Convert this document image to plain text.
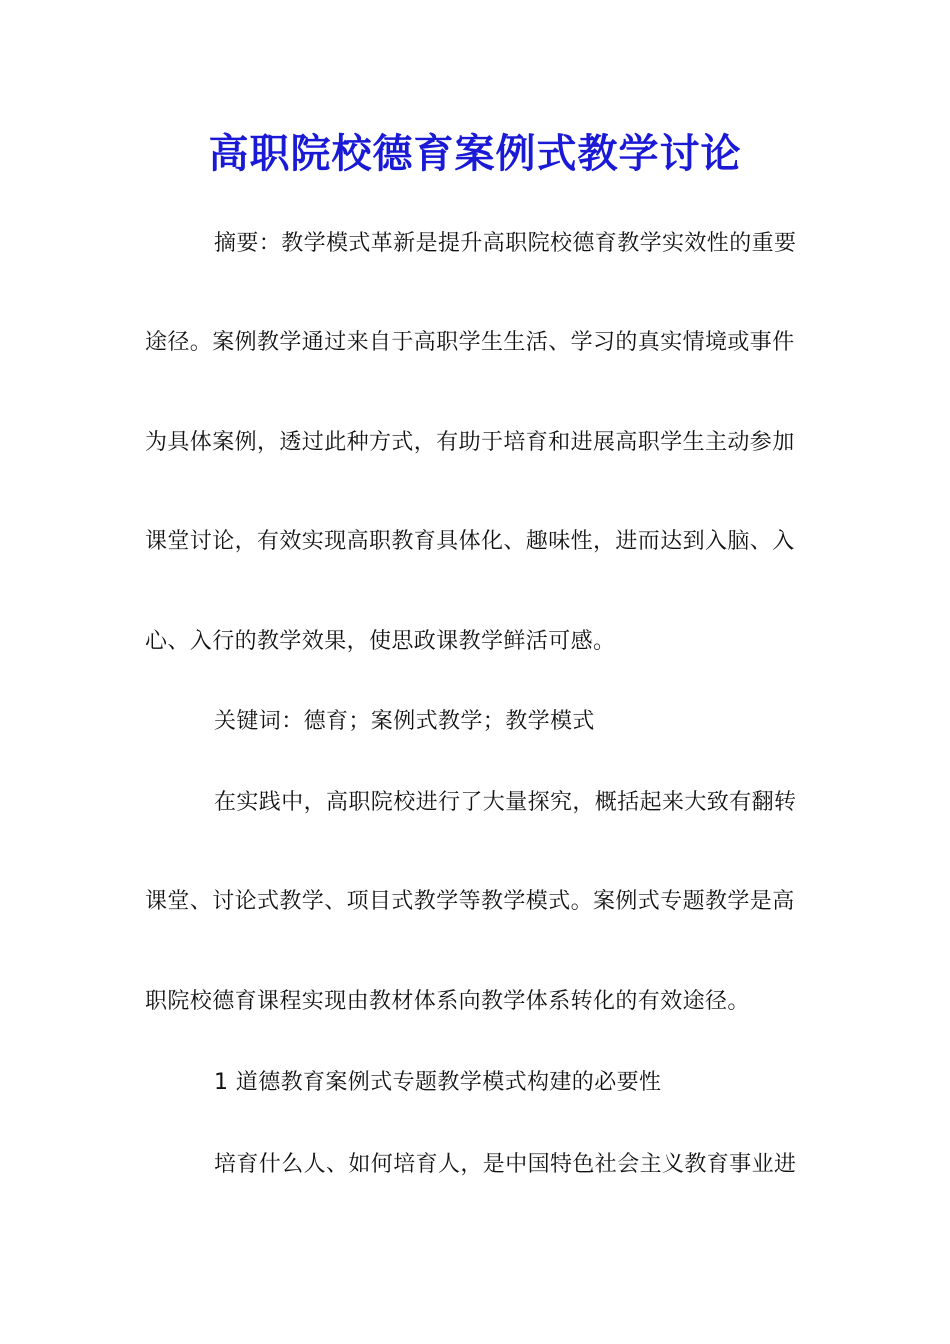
高职院校德育案例式教学讨论
摘要：教学模式革新是提升高职院校德育教学实效性的重要
途径。案例教学通过来自于高职学生生活、学习的真实情境或事件
为具体案例，透过此种方式，有助于培育和进展高职学生主动参加
课堂讨论，有效实现高职教育具体化、趣味性，进而达到入脑、入
心、入行的教学效果，使思政课教学鲜活可感。
关键词：德育；案例式教学；教学模式
在实践中，高职院校进行了大量探究，概括起来大致有翻转
课堂、讨论式教学、项目式教学等教学模式。案例式专题教学是高
职院校德育课程实现由教材体系向教学体系转化的有效途径。
1 道德教育案例式专题教学模式构建的必要性
培育什么人、如何培育人，是中国特色社会主义教育事业进
